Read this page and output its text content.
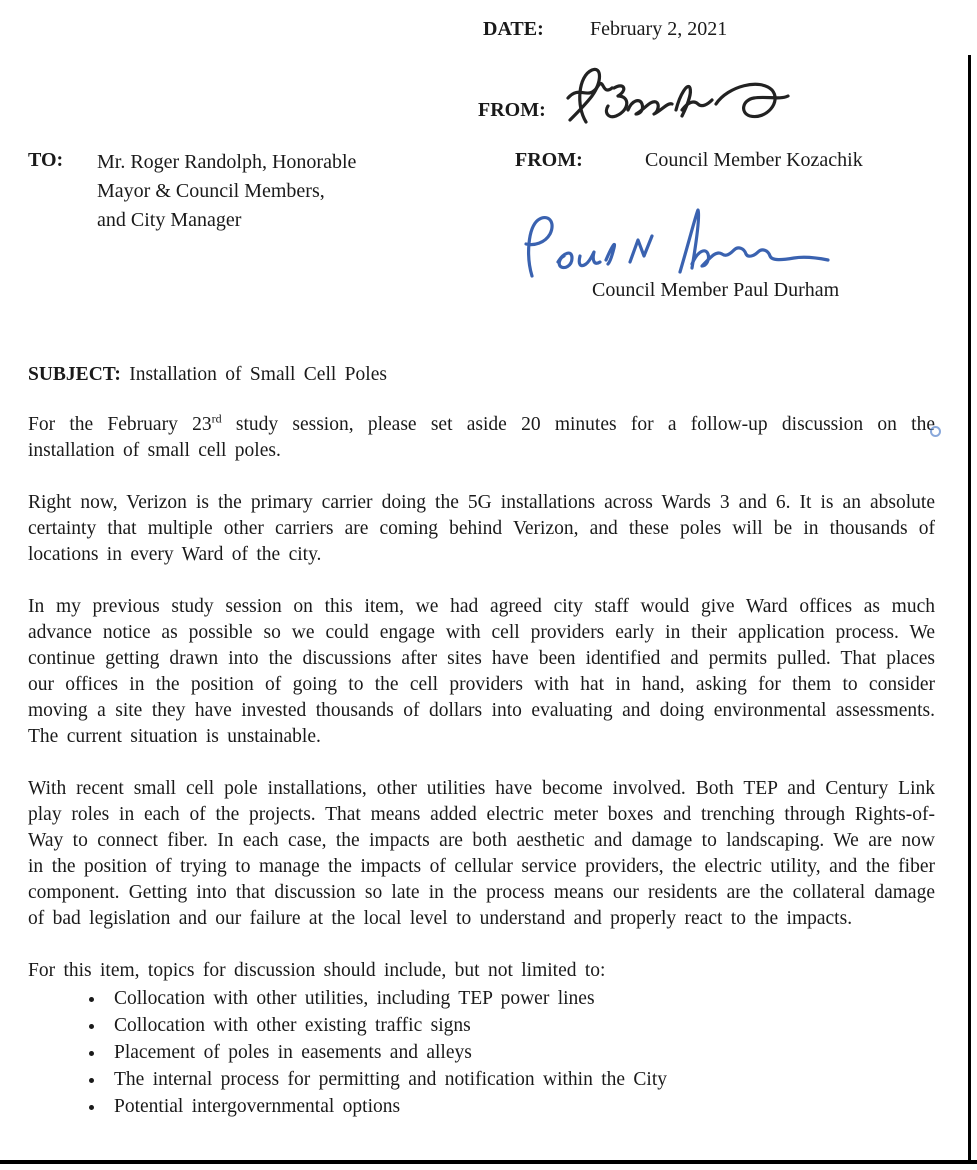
DATE: February 2, 2021
FROM:
TO: Mr. Roger Randolph, Honorable
Mayor & Council Members,
and City Manager
FROM:	Council Member Kozachik
Council Member Paul Durham
SUBJECT: Installation of Small Cell Poles

For the February 23rd study session, please set aside 20 minutes for a follow-up discussion on the installation of small cell poles.

Right now, Verizon is the primary carrier doing the 5G installations across Wards 3 and 6. It is an absolute certainty that multiple other carriers are coming behind Verizon, and these poles will be in thousands of locations in every Ward of the city.

In my previous study session on this item, we had agreed city staff would give Ward offices as much advance notice as possible so we could engage with cell providers early in their application process. We continue getting drawn into the discussions after sites have been identified and permits pulled. That places our offices in the position of going to the cell providers with hat in hand, asking for them to consider moving a site they have invested thousands of dollars into evaluating and doing environmental assessments. The current situation is unstainable.

With recent small cell pole installations, other utilities have become involved. Both TEP and Century Link play roles in each of the projects. That means added electric meter boxes and trenching through Rights-of-Way to connect fiber. In each case, the impacts are both aesthetic and damage to landscaping. We are now in the position of trying to manage the impacts of cellular service providers, the electric utility, and the fiber component. Getting into that discussion so late in the process means our residents are the collateral damage of bad legislation and our failure at the local level to understand and properly react to the impacts.

For this item, topics for discussion should include, but not limited to:
• Collocation with other utilities, including TEP power lines
• Collocation with other existing traffic signs
• Placement of poles in easements and alleys
• The internal process for permitting and notification within the City
• Potential intergovernmental options
